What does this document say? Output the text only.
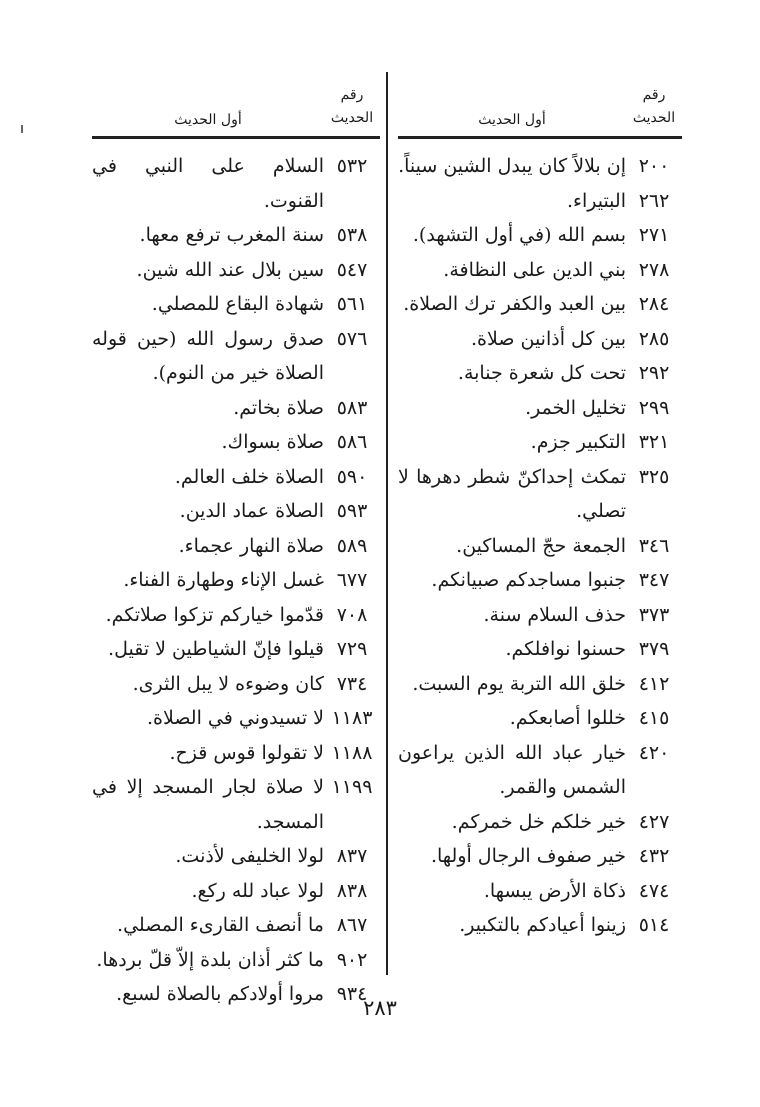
رقم
الحديث
أول الحديث
٢٠٠
إن بلالاً كان يبدل الشين سيناً.
٢٦٢
البتيراء.
٢٧١
بسم الله (في أول التشهد).
٢٧٨
بني الدين على النظافة.
٢٨٤
بين العبد والكفر ترك الصلاة.
٢٨٥
بين كل أذانين صلاة.
٢٩٢
تحت كل شعرة جنابة.
٢٩٩
تخليل الخمر.
٣٢١
التكبير جزم.
٣٢٥
تمكث إحداكنّ شطر دهرها لا تصلي.
٣٤٦
الجمعة حجّ المساكين.
٣٤٧
جنبوا مساجدكم صبيانكم.
٣٧٣
حذف السلام سنة.
٣٧٩
حسنوا نوافلكم.
٤١٢
خلق الله التربة يوم السبت.
٤١٥
خللوا أصابعكم.
٤٢٠
خيار عباد الله الذين يراعون الشمس والقمر.
٤٢٧
خير خلكم خل خمركم.
٤٣٢
خير صفوف الرجال أولها.
٤٧٤
ذكاة الأرض يبسها.
٥١٤
زينوا أعيادكم بالتكبير.
رقم
الحديث
أول الحديث
٥٣٢
السلام على النبي في القنوت.
٥٣٨
سنة المغرب ترفع معها.
٥٤٧
سين بلال عند الله شين.
٥٦١
شهادة البقاع للمصلي.
٥٧٦
صدق رسول الله (حين قوله الصلاة خير من النوم).
٥٨٣
صلاة بخاتم.
٥٨٦
صلاة بسواك.
٥٩٠
الصلاة خلف العالم.
٥٩٣
الصلاة عماد الدين.
٥٨٩
صلاة النهار عجماء.
٦٧٧
غسل الإناء وطهارة الفناء.
٧٠٨
قدّموا خياركم تزكوا صلاتكم.
٧٢٩
قيلوا فإنّ الشياطين لا تقيل.
٧٣٤
كان وضوءه لا يبل الثرى.
١١٨٣
لا تسيدوني في الصلاة.
١١٨٨
لا تقولوا قوس قزح.
١١٩٩
لا صلاة لجار المسجد إلا في المسجد.
٨٣٧
لولا الخليفى لأذنت.
٨٣٨
لولا عباد لله ركع.
٨٦٧
ما أنصف القارىء المصلي.
٩٠٢
ما كثر أذان بلدة إلاّ قلّ بردها.
٩٣٤
مروا أولادكم بالصلاة لسبع.
٢٨٣
